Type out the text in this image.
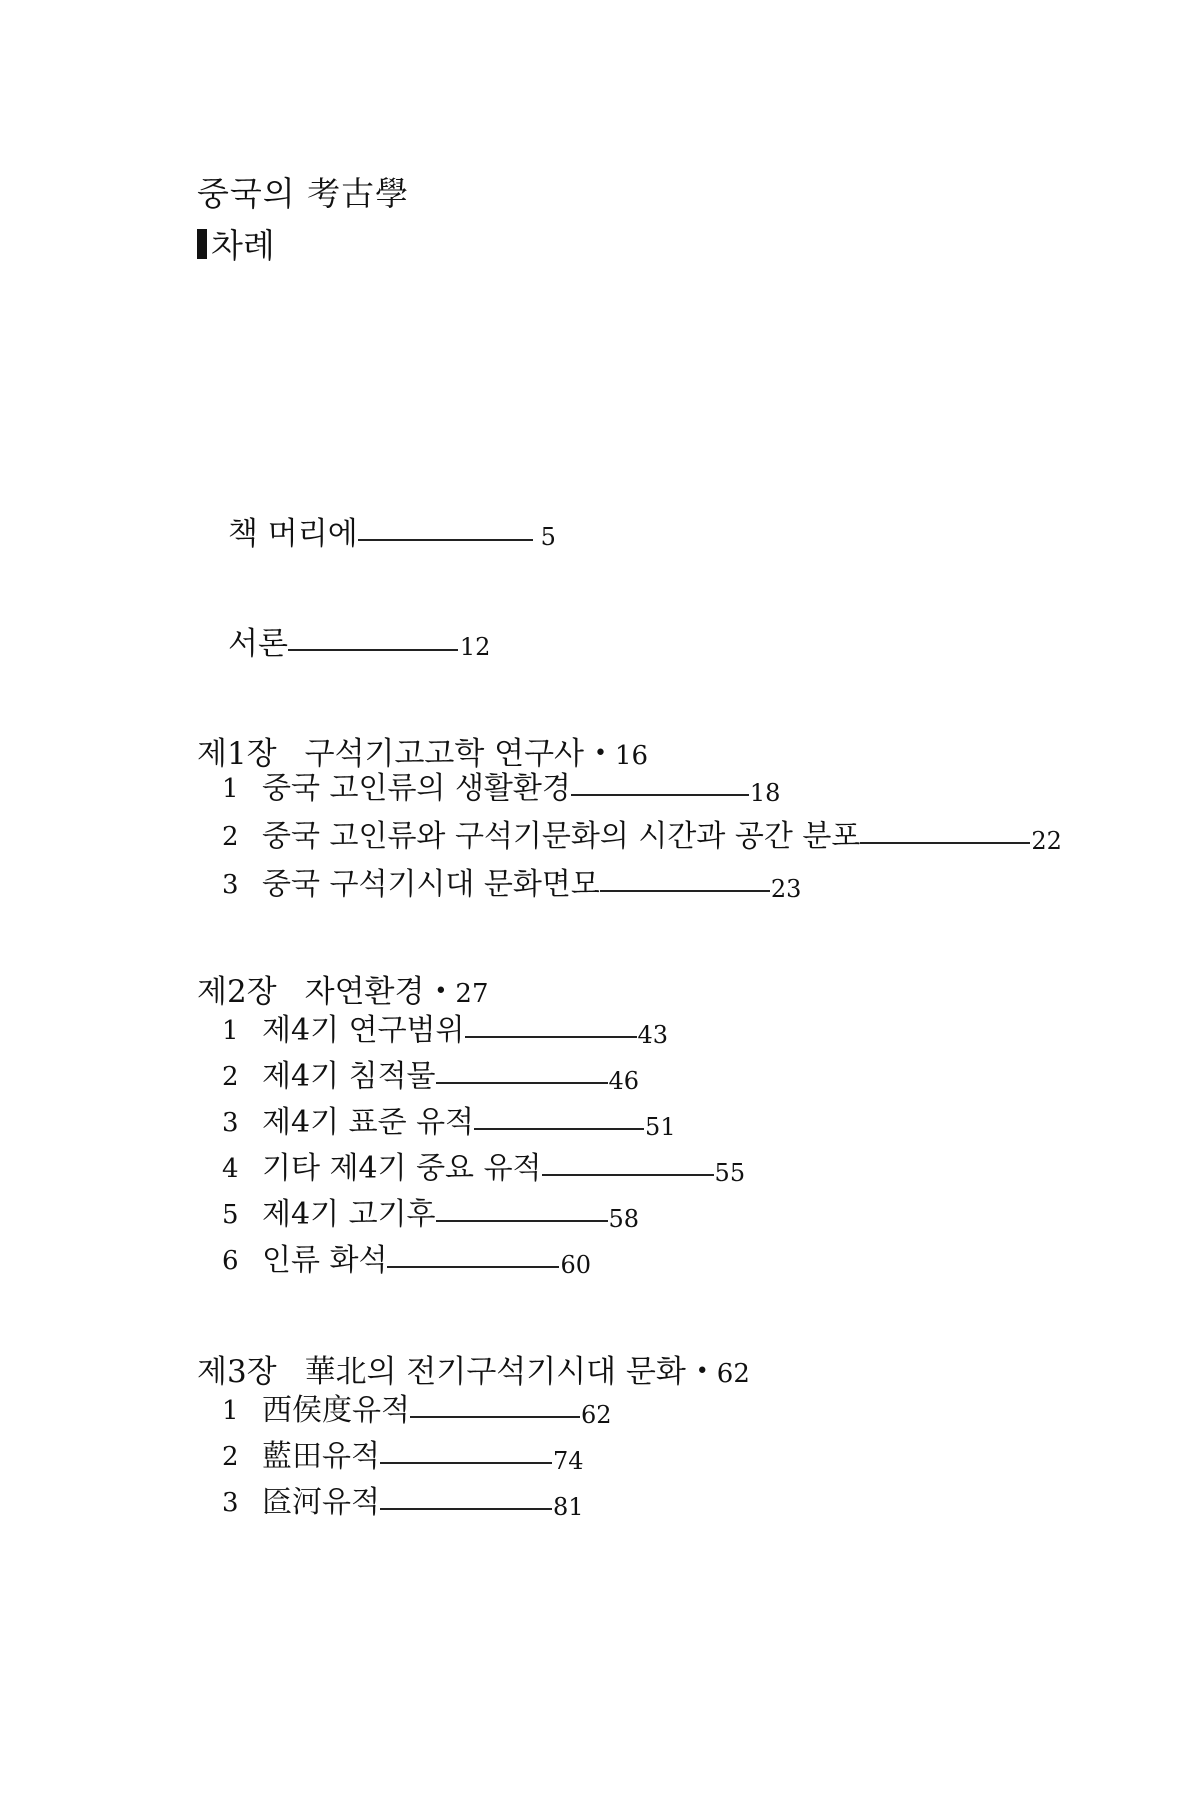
중국의 考古學
차례
책 머리에	5
서론	12
제1장 구석기고고학 연구사 • 16
1 중국 고인류의 생활환경	18
2 중국 고인류와 구석기문화의 시간과 공간 분포	22
3 중국 구석기시대 문화면모	23
제2장 자연환경 • 27
1 제4기 연구범위	43
2 제4기 침적물	46
3 제4기 표준 유적	51
4 기타 제4기 중요 유적	55
5 제4기 고기후	58
6 인류 화석	60
제3장 華北의 전기구석기시대 문화 • 62
1 西侯度유적	62
2 藍田유적	74
3 匼河유적	81
